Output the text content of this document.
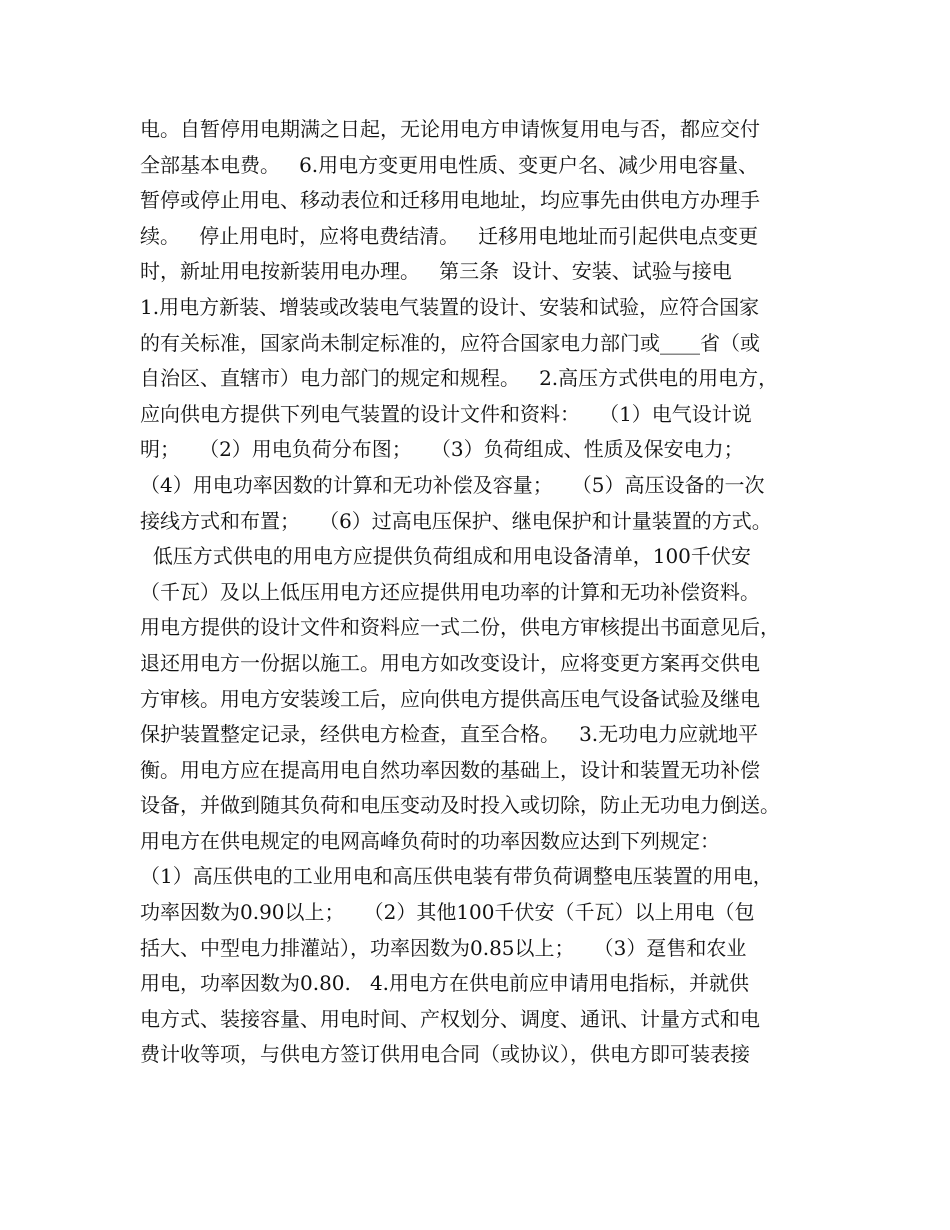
电。自暂停用电期满之日起，无论用电方申请恢复用电与否，都应交付
全部基本电费。   6.用电方变更用电性质、变更户名、减少用电容量、
暂停或停止用电、移动表位和迁移用电地址，均应事先由供电方办理手
续。   停止用电时，应将电费结清。   迁移用电地址而引起供电点变更
时，新址用电按新装用电办理。   第三条  设计、安装、试验与接电
1.用电方新装、增装或改装电气装置的设计、安装和试验，应符合国家
的有关标准，国家尚未制定标准的，应符合国家电力部门或____省（或
自治区、直辖市）电力部门的规定和规程。   2.高压方式供电的用电方，
应向供电方提供下列电气装置的设计文件和资料：   （1）电气设计说
明；   （2）用电负荷分布图；   （3）负荷组成、性质及保安电力；
（4）用电功率因数的计算和无功补偿及容量；   （5）高压设备的一次
接线方式和布置；   （6）过高电压保护、继电保护和计量装置的方式。
低压方式供电的用电方应提供负荷组成和用电设备清单，100千伏安
（千瓦）及以上低压用电方还应提供用电功率的计算和无功补偿资料。
用电方提供的设计文件和资料应一式二份，供电方审核提出书面意见后，
退还用电方一份据以施工。用电方如改变设计，应将变更方案再交供电
方审核。用电方安装竣工后，应向供电方提供高压电气设备试验及继电
保护装置整定记录，经供电方检查，直至合格。   3.无功电力应就地平
衡。用电方应在提高用电自然功率因数的基础上，设计和装置无功补偿
设备，并做到随其负荷和电压变动及时投入或切除，防止无功电力倒送。
用电方在供电规定的电网高峰负荷时的功率因数应达到下列规定：
（1）高压供电的工业用电和高压供电装有带负荷调整电压装置的用电，
功率因数为0.90以上；   （2）其他100千伏安（千瓦）以上用电（包
括大、中型电力排灌站），功率因数为0.85以上；   （3）趸售和农业
用电，功率因数为0.80.   4.用电方在供电前应申请用电指标，并就供
电方式、装接容量、用电时间、产权划分、调度、通讯、计量方式和电
费计收等项，与供电方签订供用电合同（或协议），供电方即可装表接
